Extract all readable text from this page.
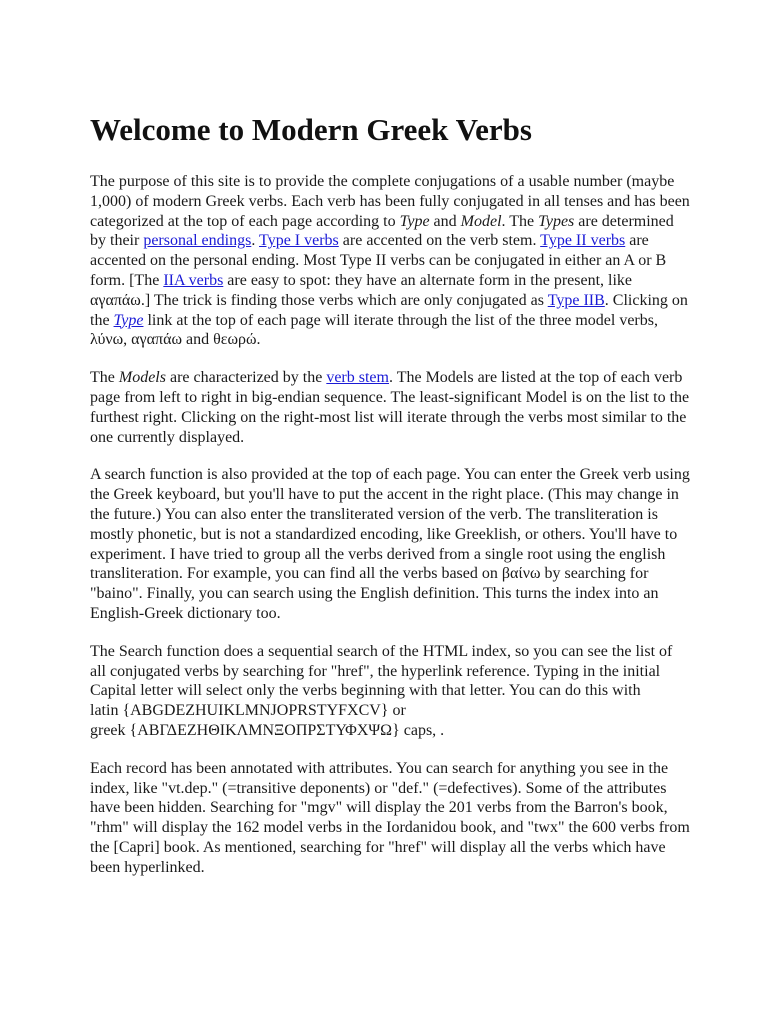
Welcome to Modern Greek Verbs

The purpose of this site is to provide the complete conjugations of a usable number (maybe 1,000) of modern Greek verbs. Each verb has been fully conjugated in all tenses and has been categorized at the top of each page according to Type and Model. The Types are determined by their personal endings. Type I verbs are accented on the verb stem. Type II verbs are accented on the personal ending. Most Type II verbs can be conjugated in either an A or B form. [The IIA verbs are easy to spot: they have an alternate form in the present, like αγαπάω.] The trick is finding those verbs which are only conjugated as Type IIB. Clicking on the Type link at the top of each page will iterate through the list of the three model verbs, λύνω, αγαπάω and θεωρώ.

The Models are characterized by the verb stem. The Models are listed at the top of each verb page from left to right in big-endian sequence. The least-significant Model is on the list to the furthest right. Clicking on the right-most list will iterate through the verbs most similar to the one currently displayed.

A search function is also provided at the top of each page. You can enter the Greek verb using the Greek keyboard, but you'll have to put the accent in the right place. (This may change in the future.) You can also enter the transliterated version of the verb. The transliteration is mostly phonetic, but is not a standardized encoding, like Greeklish, or others. You'll have to experiment. I have tried to group all the verbs derived from a single root using the english transliteration. For example, you can find all the verbs based on βαίνω by searching for "baino". Finally, you can search using the English definition. This turns the index into an English-Greek dictionary too.

The Search function does a sequential search of the HTML index, so you can see the list of all conjugated verbs by searching for "href", the hyperlink reference. Typing in the initial Capital letter will select only the verbs beginning with that letter. You can do this with
latin {ABGDEZHUIKLMNJOPRSTYFXCV} or
greek {ΑΒΓΔΕΖΗΘΙΚΛΜΝΞΟΠΡΣΤΥΦΧΨΩ} caps, .

Each record has been annotated with attributes. You can search for anything you see in the index, like "vt.dep." (=transitive deponents) or "def." (=defectives). Some of the attributes have been hidden. Searching for "mgv" will display the 201 verbs from the Barron's book, "rhm" will display the 162 model verbs in the Iordanidou book, and "twx" the 600 verbs from the [Capri] book. As mentioned, searching for "href" will display all the verbs which have been hyperlinked.
